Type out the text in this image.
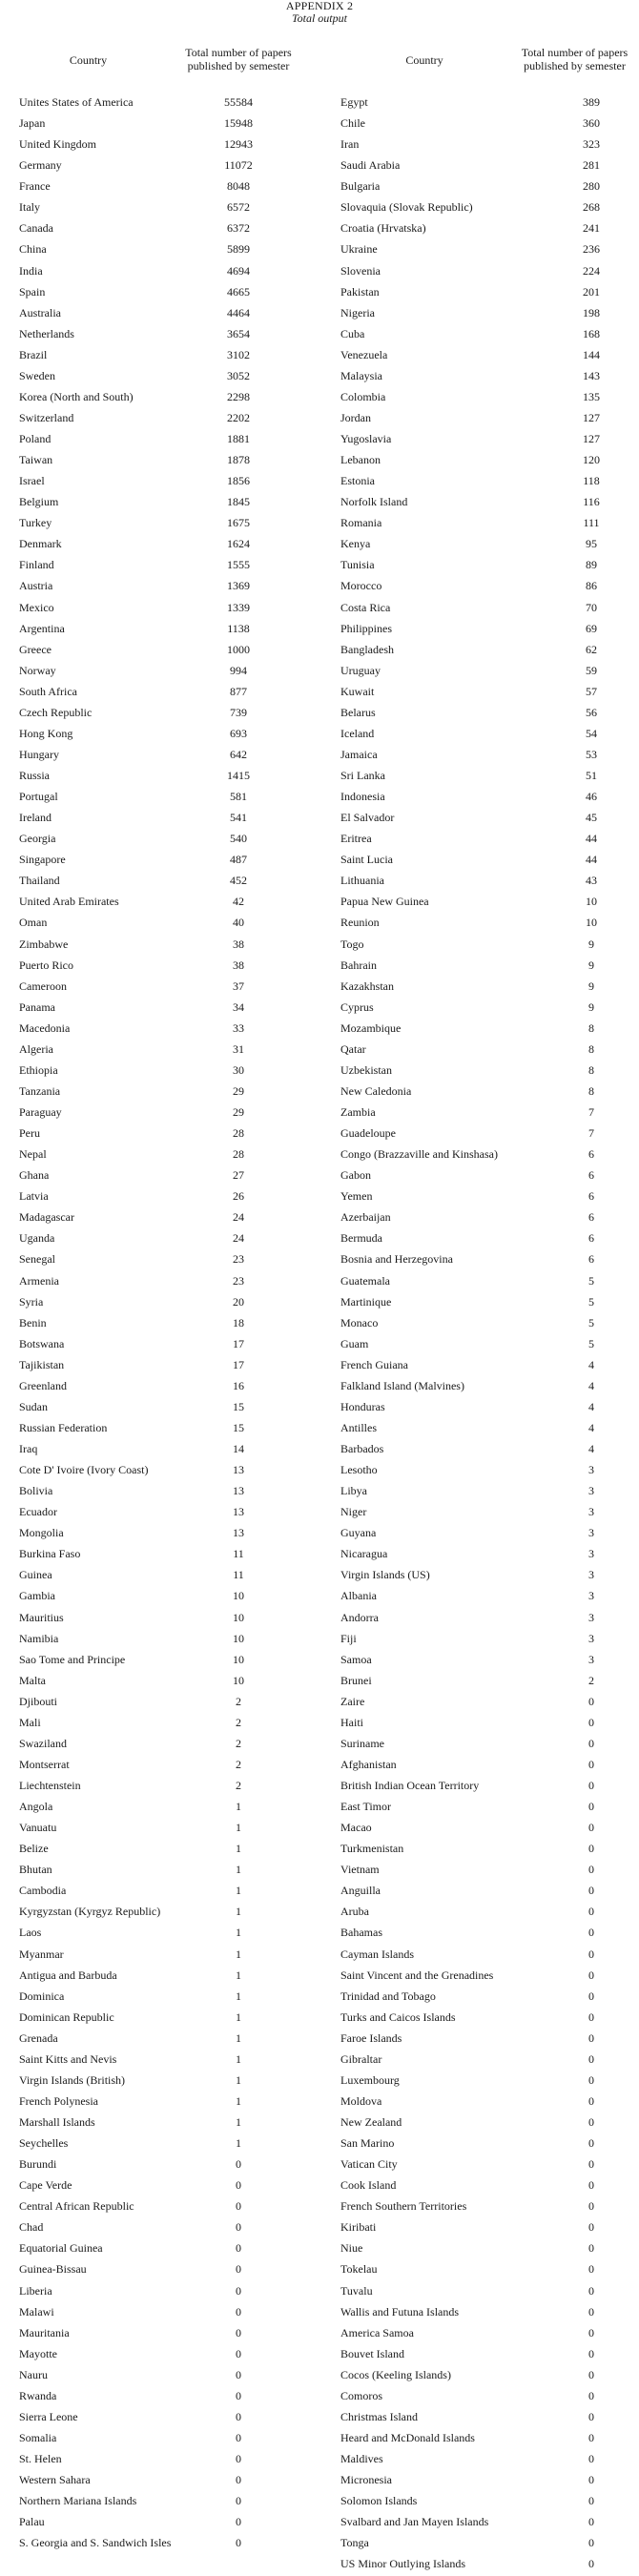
APPENDIX 2
Total output
Country
Total number of papers
published by semester
Unites States of America	55584
Japan	15948
United Kingdom	12943
Germany	11072
France	8048
Italy	6572
Canada	6372
China	5899
India	4694
Spain	4665
Australia	4464
Netherlands	3654
Brazil	3102
Sweden	3052
Korea (North and South)	2298
Switzerland	2202
Poland	1881
Taiwan	1878
Israel	1856
Belgium	1845
Turkey	1675
Denmark	1624
Finland	1555
Austria	1369
Mexico	1339
Argentina	1138
Greece	1000
Norway	994
South Africa	877
Czech Republic	739
Hong Kong	693
Hungary	642
Russia	1415
Portugal	581
Ireland	541
Georgia	540
Singapore	487
Thailand	452
United Arab Emirates	42
Oman	40
Zimbabwe	38
Puerto Rico	38
Cameroon	37
Panama	34
Macedonia	33
Algeria	31
Ethiopia	30
Tanzania	29
Paraguay	29
Peru	28
Nepal	28
Ghana	27
Latvia	26
Madagascar	24
Uganda	24
Senegal	23
Armenia	23
Syria	20
Benin	18
Botswana	17
Tajikistan	17
Greenland	16
Sudan	15
Russian Federation	15
Iraq	14
Cote D' Ivoire (Ivory Coast)	13
Bolivia	13
Ecuador	13
Mongolia	13
Burkina Faso	11
Guinea	11
Gambia	10
Mauritius	10
Namibia	10
Sao Tome and Principe	10
Malta	10
Djibouti	2
Mali	2
Swaziland	2
Montserrat	2
Liechtenstein	2
Angola	1
Vanuatu	1
Belize	1
Bhutan	1
Cambodia	1
Kyrgyzstan (Kyrgyz Republic)	1
Laos	1
Myanmar	1
Antigua and Barbuda	1
Dominica	1
Dominican Republic	1
Grenada	1
Saint Kitts and Nevis	1
Virgin Islands (British)	1
French Polynesia	1
Marshall Islands	1
Seychelles	1
Burundi	0
Cape Verde	0
Central African Republic	0
Chad	0
Equatorial Guinea	0
Guinea-Bissau	0
Liberia	0
Malawi	0
Mauritania	0
Mayotte	0
Nauru	0
Rwanda	0
Sierra Leone	0
Somalia	0
St. Helen	0
Western Sahara	0
Northern Mariana Islands	0
Palau	0
S. Georgia and S. Sandwich Isles	0
Country
Total number of papers
published by semester
Egypt	389
Chile	360
Iran	323
Saudi Arabia	281
Bulgaria	280
Slovaquia (Slovak Republic)	268
Croatia (Hrvatska)	241
Ukraine	236
Slovenia	224
Pakistan	201
Nigeria	198
Cuba	168
Venezuela	144
Malaysia	143
Colombia	135
Jordan	127
Yugoslavia	127
Lebanon	120
Estonia	118
Norfolk Island	116
Romania	111
Kenya	95
Tunisia	89
Morocco	86
Costa Rica	70
Philippines	69
Bangladesh	62
Uruguay	59
Kuwait	57
Belarus	56
Iceland	54
Jamaica	53
Sri Lanka	51
Indonesia	46
El Salvador	45
Eritrea	44
Saint Lucia	44
Lithuania	43
Papua New Guinea	10
Reunion	10
Togo	9
Bahrain	9
Kazakhstan	9
Cyprus	9
Mozambique	8
Qatar	8
Uzbekistan	8
New Caledonia	8
Zambia	7
Guadeloupe	7
Congo (Brazzaville and Kinshasa)	6
Gabon	6
Yemen	6
Azerbaijan	6
Bermuda	6
Bosnia and Herzegovina	6
Guatemala	5
Martinique	5
Monaco	5
Guam	5
French Guiana	4
Falkland Island (Malvines)	4
Honduras	4
Antilles	4
Barbados	4
Lesotho	3
Libya	3
Niger	3
Guyana	3
Nicaragua	3
Virgin Islands (US)	3
Albania	3
Andorra	3
Fiji	3
Samoa	3
Brunei	2
Zaire	0
Haiti	0
Suriname	0
Afghanistan	0
British Indian Ocean Territory	0
East Timor	0
Macao	0
Turkmenistan	0
Vietnam	0
Anguilla	0
Aruba	0
Bahamas	0
Cayman Islands	0
Saint Vincent and the Grenadines	0
Trinidad and Tobago	0
Turks and Caicos Islands	0
Faroe Islands	0
Gibraltar	0
Luxembourg	0
Moldova	0
New Zealand	0
San Marino	0
Vatican City	0
Cook Island	0
French Southern Territories	0
Kiribati	0
Niue	0
Tokelau	0
Tuvalu	0
Wallis and Futuna Islands	0
America Samoa	0
Bouvet Island	0
Cocos (Keeling Islands)	0
Comoros	0
Christmas Island	0
Heard and McDonald Islands	0
Maldives	0
Micronesia	0
Solomon Islands	0
Svalbard and Jan Mayen Islands	0
Tonga	0
US Minor Outlying Islands	0
